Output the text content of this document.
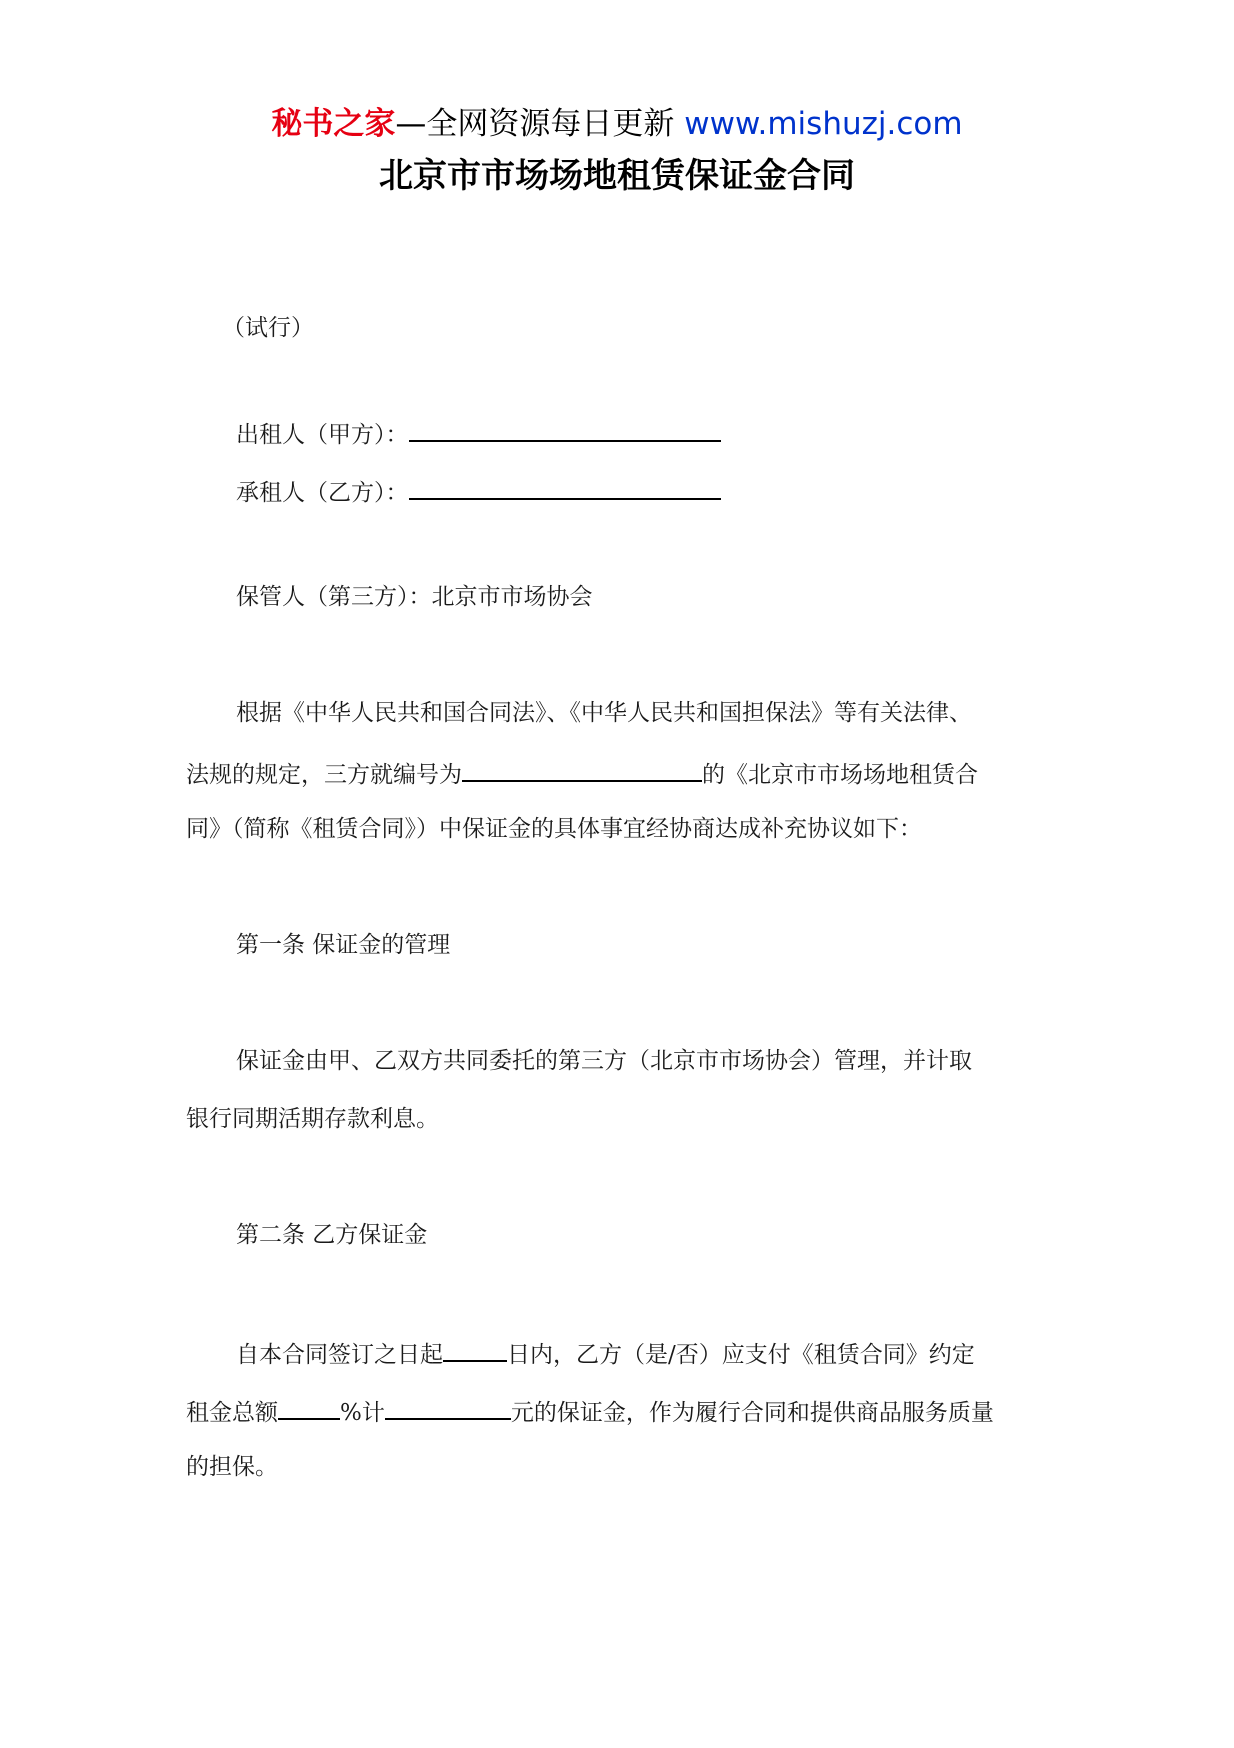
秘书之家—全网资源每日更新 www.mishuzj.com
北京市市场场地租赁保证金合同
（试行）
出租人（甲方）：
承租人（乙方）：
保管人（第三方）：北京市市场协会
根据《中华人民共和国合同法》、《中华人民共和国担保法》等有关法律、
法规的规定，三方就编号为	的《北京市市场场地租赁合
同》（简称《租赁合同》）中保证金的具体事宜经协商达成补充协议如下：
第一条 保证金的管理
保证金由甲、乙双方共同委托的第三方（北京市市场协会）管理，并计取
银行同期活期存款利息。
第二条 乙方保证金
自本合同签订之日起	日内，乙方（是/否）应支付《租赁合同》约定
租金总额	%计	元的保证金，作为履行合同和提供商品服务质量
的担保。
